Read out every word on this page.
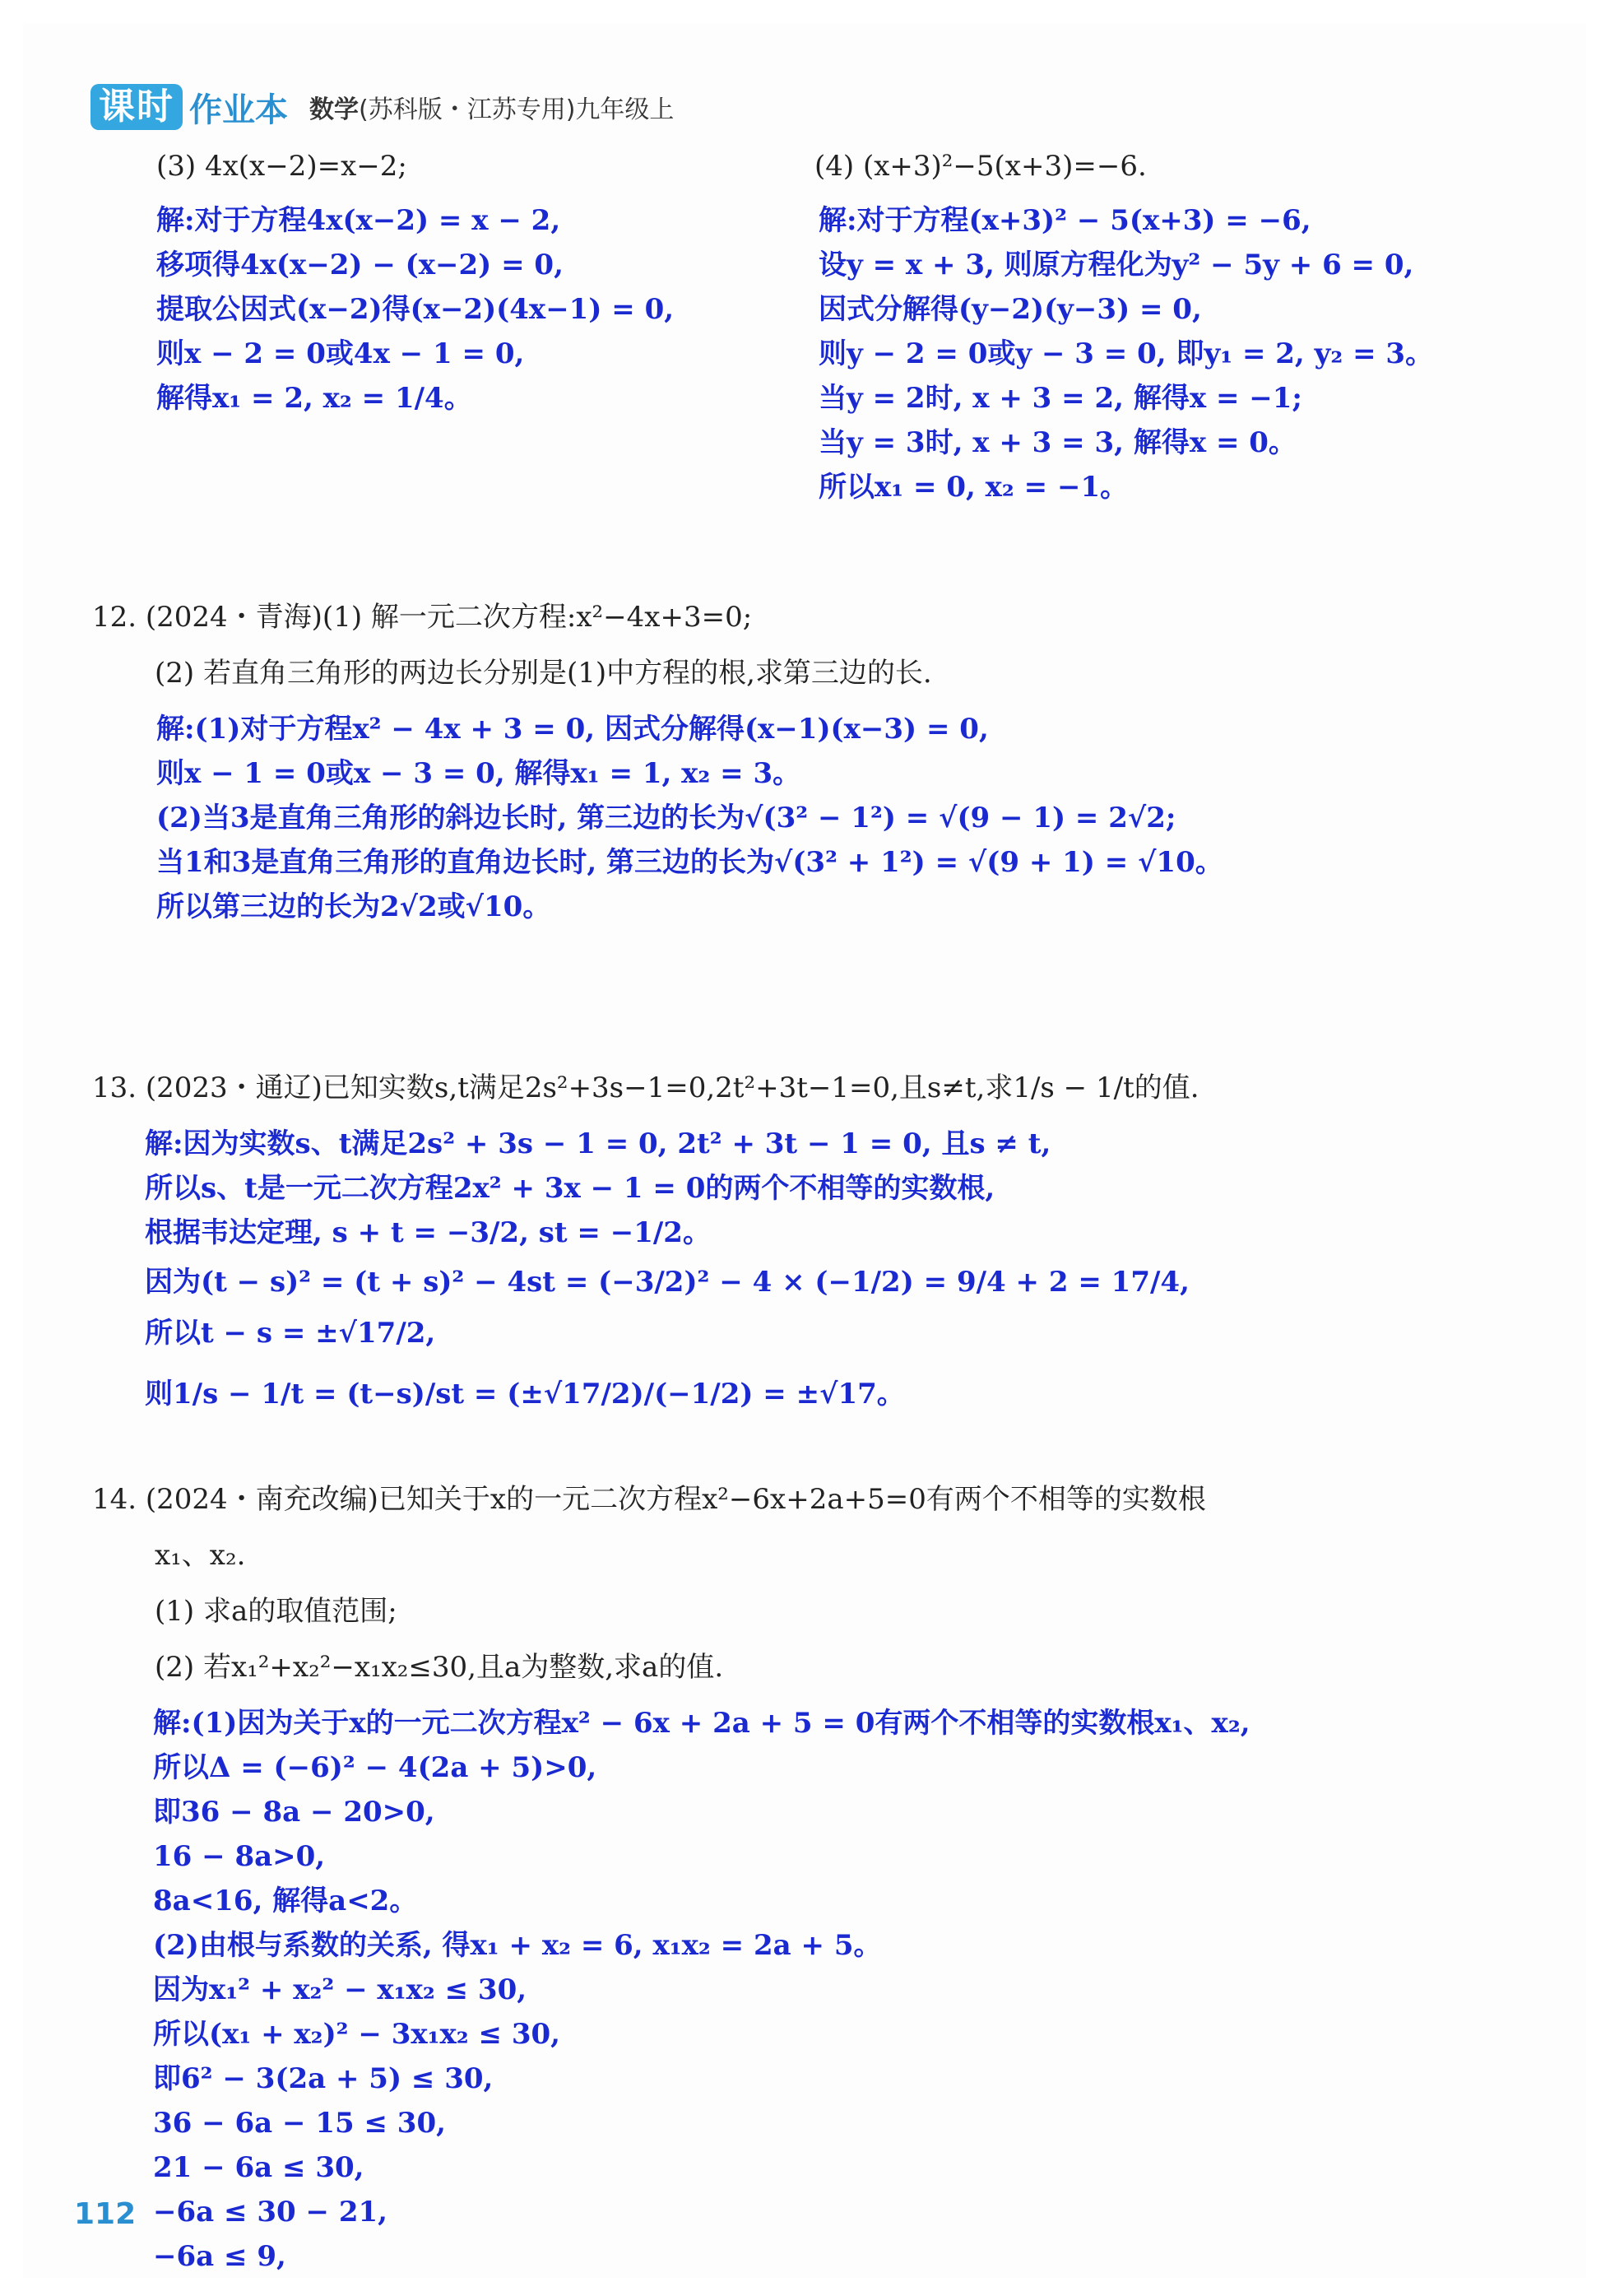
课时 作业本 数学(苏科版・江苏专用)九年级上
(3) 4x(x−2)=x−2;	(4) (x+3)²−5(x+3)=−6.
解:对于方程4x(x−2) = x − 2,
移项得4x(x−2) − (x−2) = 0,
提取公因式(x−2)得(x−2)(4x−1) = 0,
则x − 2 = 0或4x − 1 = 0,
解得x₁ = 2, x₂ = 1/4。
解:对于方程(x+3)² − 5(x+3) = −6,
设y = x + 3, 则原方程化为y² − 5y + 6 = 0,
因式分解得(y−2)(y−3) = 0,
则y − 2 = 0或y − 3 = 0, 即y₁ = 2, y₂ = 3。
当y = 2时, x + 3 = 2, 解得x = −1;
当y = 3时, x + 3 = 3, 解得x = 0。
所以x₁ = 0, x₂ = −1。
12. (2024・青海)(1) 解一元二次方程:x²−4x+3=0;
(2) 若直角三角形的两边长分别是(1)中方程的根,求第三边的长.
解:(1)对于方程x² − 4x + 3 = 0, 因式分解得(x−1)(x−3) = 0,
则x − 1 = 0或x − 3 = 0, 解得x₁ = 1, x₂ = 3。
(2)当3是直角三角形的斜边长时, 第三边的长为√(3² − 1²) = √(9 − 1) = 2√2;
当1和3是直角三角形的直角边长时, 第三边的长为√(3² + 1²) = √(9 + 1) = √10。
所以第三边的长为2√2或√10。
13. (2023・通辽)已知实数s,t满足2s²+3s−1=0,2t²+3t−1=0,且s≠t,求1/s − 1/t的值.
解:因为实数s、t满足2s² + 3s − 1 = 0, 2t² + 3t − 1 = 0, 且s ≠ t,
所以s、t是一元二次方程2x² + 3x − 1 = 0的两个不相等的实数根,
根据韦达定理, s + t = −3/2, st = −1/2。
因为(t − s)² = (t + s)² − 4st = (−3/2)² − 4 × (−1/2) = 9/4 + 2 = 17/4,
所以t − s = ±√17/2,
则1/s − 1/t = (t−s)/st = (±√17/2)/(−1/2) = ±√17。
14. (2024・南充改编)已知关于x的一元二次方程x²−6x+2a+5=0有两个不相等的实数根
x₁、x₂.
(1) 求a的取值范围;
(2) 若x₁²+x₂²−x₁x₂≤30,且a为整数,求a的值.
解:(1)因为关于x的一元二次方程x² − 6x + 2a + 5 = 0有两个不相等的实数根x₁、x₂,
所以Δ = (−6)² − 4(2a + 5)>0,
即36 − 8a − 20>0,
16 − 8a>0,
8a<16, 解得a<2。
(2)由根与系数的关系, 得x₁ + x₂ = 6, x₁x₂ = 2a + 5。
因为x₁² + x₂² − x₁x₂ ≤ 30,
所以(x₁ + x₂)² − 3x₁x₂ ≤ 30,
即6² − 3(2a + 5) ≤ 30,
36 − 6a − 15 ≤ 30,
21 − 6a ≤ 30,
−6a ≤ 30 − 21,
−6a ≤ 9,
112
